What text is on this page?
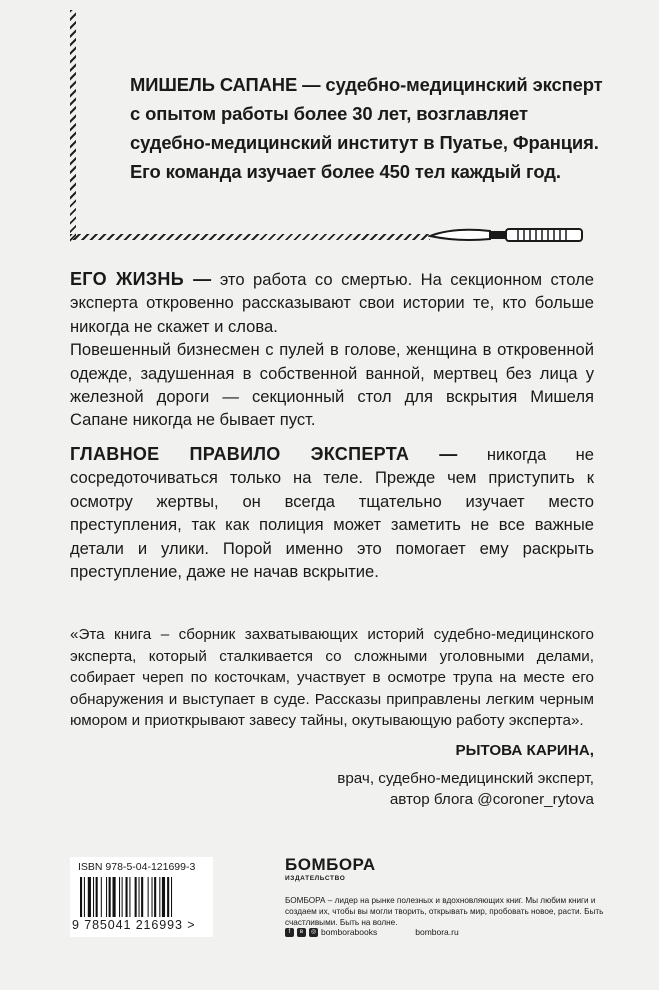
МИШЕЛЬ САПАНЕ — судебно-медицинский эксперт
с опытом работы более 30 лет, возглавляет
судебно-медицинский институт в Пуатье, Франция.
Его команда изучает более 450 тел каждый год.
ЕГО ЖИЗНЬ — это работа со смертью. На секционном столе эксперта откровенно рассказывают свои истории те, кто больше никогда не скажет и слова.
Повешенный бизнесмен с пулей в голове, женщина в откровенной одежде, задушенная в собственной ванной, мертвец без лица у железной дороги — секционный стол для вскрытия Мишеля Сапане никогда не бывает пуст.
ГЛАВНОЕ ПРАВИЛО ЭКСПЕРТА — никогда не сосредоточиваться только на теле. Прежде чем приступить к осмотру жертвы, он всегда тщательно изучает место преступления, так как полиция может заметить не все важные детали и улики. Порой именно это помогает ему раскрыть преступление, даже не начав вскрытие.
«Эта книга – сборник захватывающих историй судебно-медицинского эксперта, который сталкивается со сложными уголовными делами, собирает череп по косточкам, участвует в осмотре трупа на месте его обнаружения и выступает в суде. Рассказы приправлены легким черным юмором и приоткрывают завесу тайны, окутывающую работу эксперта».
РЫТОВА КАРИНА,
врач, судебно-медицинский эксперт,
автор блога @coroner_rytova
ISBN 978-5-04-121699-3
9 785041 216993 >
БОМБОРА
ИЗДАТЕЛЬСТВО
БОМБОРА – лидер на рынке полезных и вдохновляющих книг. Мы любим книги и создаем их, чтобы вы могли творить, открывать мир, пробовать новое, расти. Быть счастливыми. Быть на волне.
f	в	◎ bomborabooks	bombora.ru
